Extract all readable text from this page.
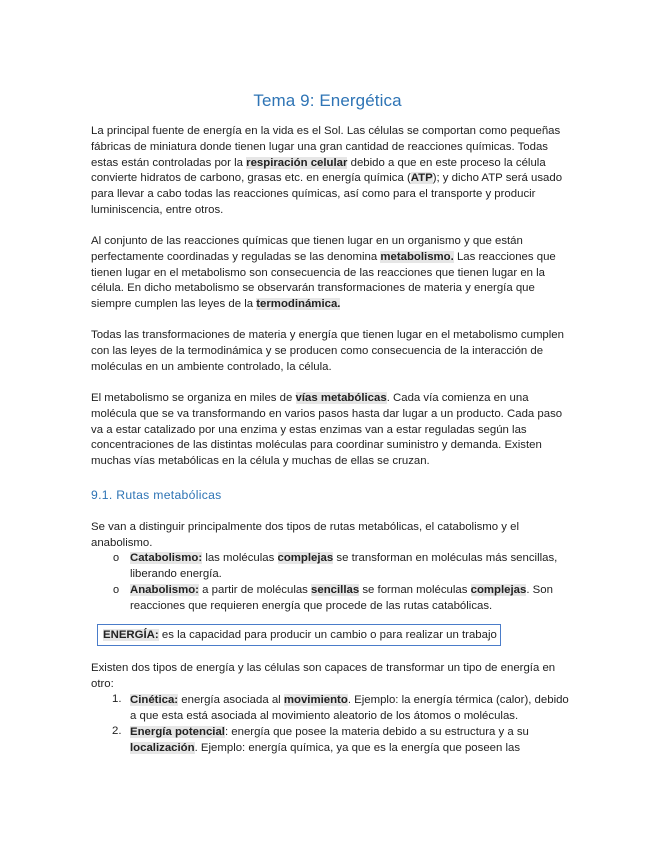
Tema 9: Energética

La principal fuente de energía en la vida es el Sol. Las células se comportan como pequeñas fábricas de miniatura donde tienen lugar una gran cantidad de reacciones químicas. Todas estas están controladas por la respiración celular debido a que en este proceso la célula convierte hidratos de carbono, grasas etc. en energía química (ATP); y dicho ATP será usado para llevar a cabo todas las reacciones químicas, así como para el transporte y producir luminiscencia, entre otros.

Al conjunto de las reacciones químicas que tienen lugar en un organismo y que están perfectamente coordinadas y reguladas se las denomina metabolismo. Las reacciones que tienen lugar en el metabolismo son consecuencia de las reacciones que tienen lugar en la célula. En dicho metabolismo se observarán transformaciones de materia y energía que siempre cumplen las leyes de la termodinámica.

Todas las transformaciones de materia y energía que tienen lugar en el metabolismo cumplen con las leyes de la termodinámica y se producen como consecuencia de la interacción de moléculas en un ambiente controlado, la célula.

El metabolismo se organiza en miles de vías metabólicas. Cada vía comienza en una molécula que se va transformando en varios pasos hasta dar lugar a un producto. Cada paso va a estar catalizado por una enzima y estas enzimas van a estar reguladas según las concentraciones de las distintas moléculas para coordinar suministro y demanda. Existen muchas vías metabólicas en la célula y muchas de ellas se cruzan.

9.1. Rutas metabólicas

Se van a distinguir principalmente dos tipos de rutas metabólicas, el catabolismo y el anabolismo.

o Catabolismo: las moléculas complejas se transforman en moléculas más sencillas, liberando energía.
o Anabolismo: a partir de moléculas sencillas se forman moléculas complejas. Son reacciones que requieren energía que procede de las rutas catabólicas.
ENERGÍA: es la capacidad para producir un cambio o para realizar un trabajo

Existen dos tipos de energía y las células son capaces de transformar un tipo de energía en otro:

1. Cinética: energía asociada al movimiento. Ejemplo: la energía térmica (calor), debido a que esta está asociada al movimiento aleatorio de los átomos o moléculas.
2. Energía potencial: energía que posee la materia debido a su estructura y a su localización. Ejemplo: energía química, ya que es la energía que poseen las
